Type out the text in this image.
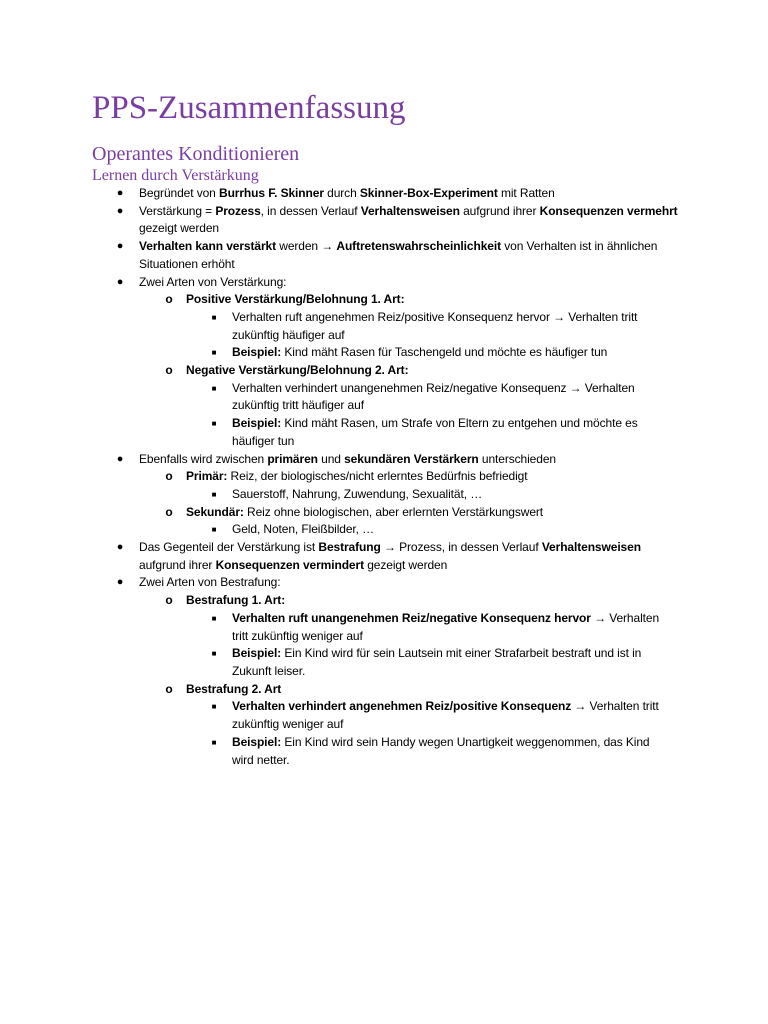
PPS-Zusammenfassung
Operantes Konditionieren
Lernen durch Verstärkung
●	Begründet von Burrhus F. Skinner durch Skinner-Box-Experiment mit Ratten
●	Verstärkung = Prozess, in dessen Verlauf Verhaltensweisen aufgrund ihrer Konsequenzen vermehrt gezeigt werden
●	Verhalten kann verstärkt werden → Auftretenswahrscheinlichkeit von Verhalten ist in ähnlichen Situationen erhöht
●	Zwei Arten von Verstärkung:
o Positive Verstärkung/Belohnung 1. Art:
■	Verhalten ruft angenehmen Reiz/positive Konsequenz hervor → Verhalten tritt zukünftig häufiger auf
■	Beispiel: Kind mäht Rasen für Taschengeld und möchte es häufiger tun
o Negative Verstärkung/Belohnung 2. Art:
■	Verhalten verhindert unangenehmen Reiz/negative Konsequenz → Verhalten zukünftig tritt häufiger auf
■	Beispiel: Kind mäht Rasen, um Strafe von Eltern zu entgehen und möchte es häufiger tun
●	Ebenfalls wird zwischen primären und sekundären Verstärkern unterschieden
o Primär: Reiz, der biologisches/nicht erlerntes Bedürfnis befriedigt
■	Sauerstoff, Nahrung, Zuwendung, Sexualität, …
o Sekundär: Reiz ohne biologischen, aber erlernten Verstärkungswert
■	Geld, Noten, Fleißbilder, …
●	Das Gegenteil der Verstärkung ist Bestrafung → Prozess, in dessen Verlauf Verhaltensweisen aufgrund ihrer Konsequenzen vermindert gezeigt werden
●	Zwei Arten von Bestrafung:
o Bestrafung 1. Art:
■	Verhalten ruft unangenehmen Reiz/negative Konsequenz hervor → Verhalten tritt zukünftig weniger auf
■	Beispiel: Ein Kind wird für sein Lautsein mit einer Strafarbeit bestraft und ist in Zukunft leiser.
o Bestrafung 2. Art
■	Verhalten verhindert angenehmen Reiz/positive Konsequenz → Verhalten tritt zukünftig weniger auf
■	Beispiel: Ein Kind wird sein Handy wegen Unartigkeit weggenommen, das Kind wird netter.
